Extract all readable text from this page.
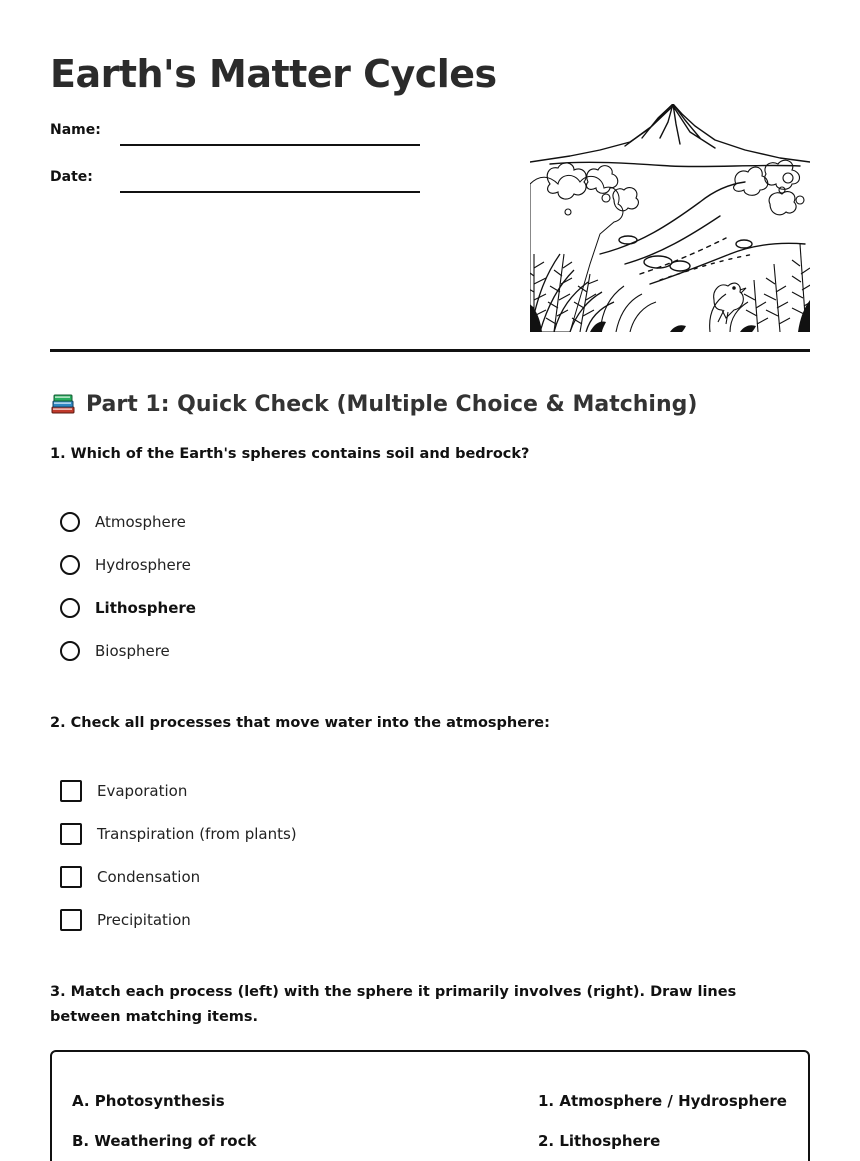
Earth's Matter Cycles
Name:
Date:
Part 1: Quick Check (Multiple Choice & Matching)
1. Which of the Earth's spheres contains soil and bedrock?
Atmosphere
Hydrosphere
Lithosphere
Biosphere
2. Check all processes that move water into the atmosphere:
Evaporation
Transpiration (from plants)
Condensation
Precipitation
3. Match each process (left) with the sphere it primarily involves (right). Draw lines between matching items.
A. Photosynthesis
B. Weathering of rock
1. Atmosphere / Hydrosphere
2. Lithosphere
